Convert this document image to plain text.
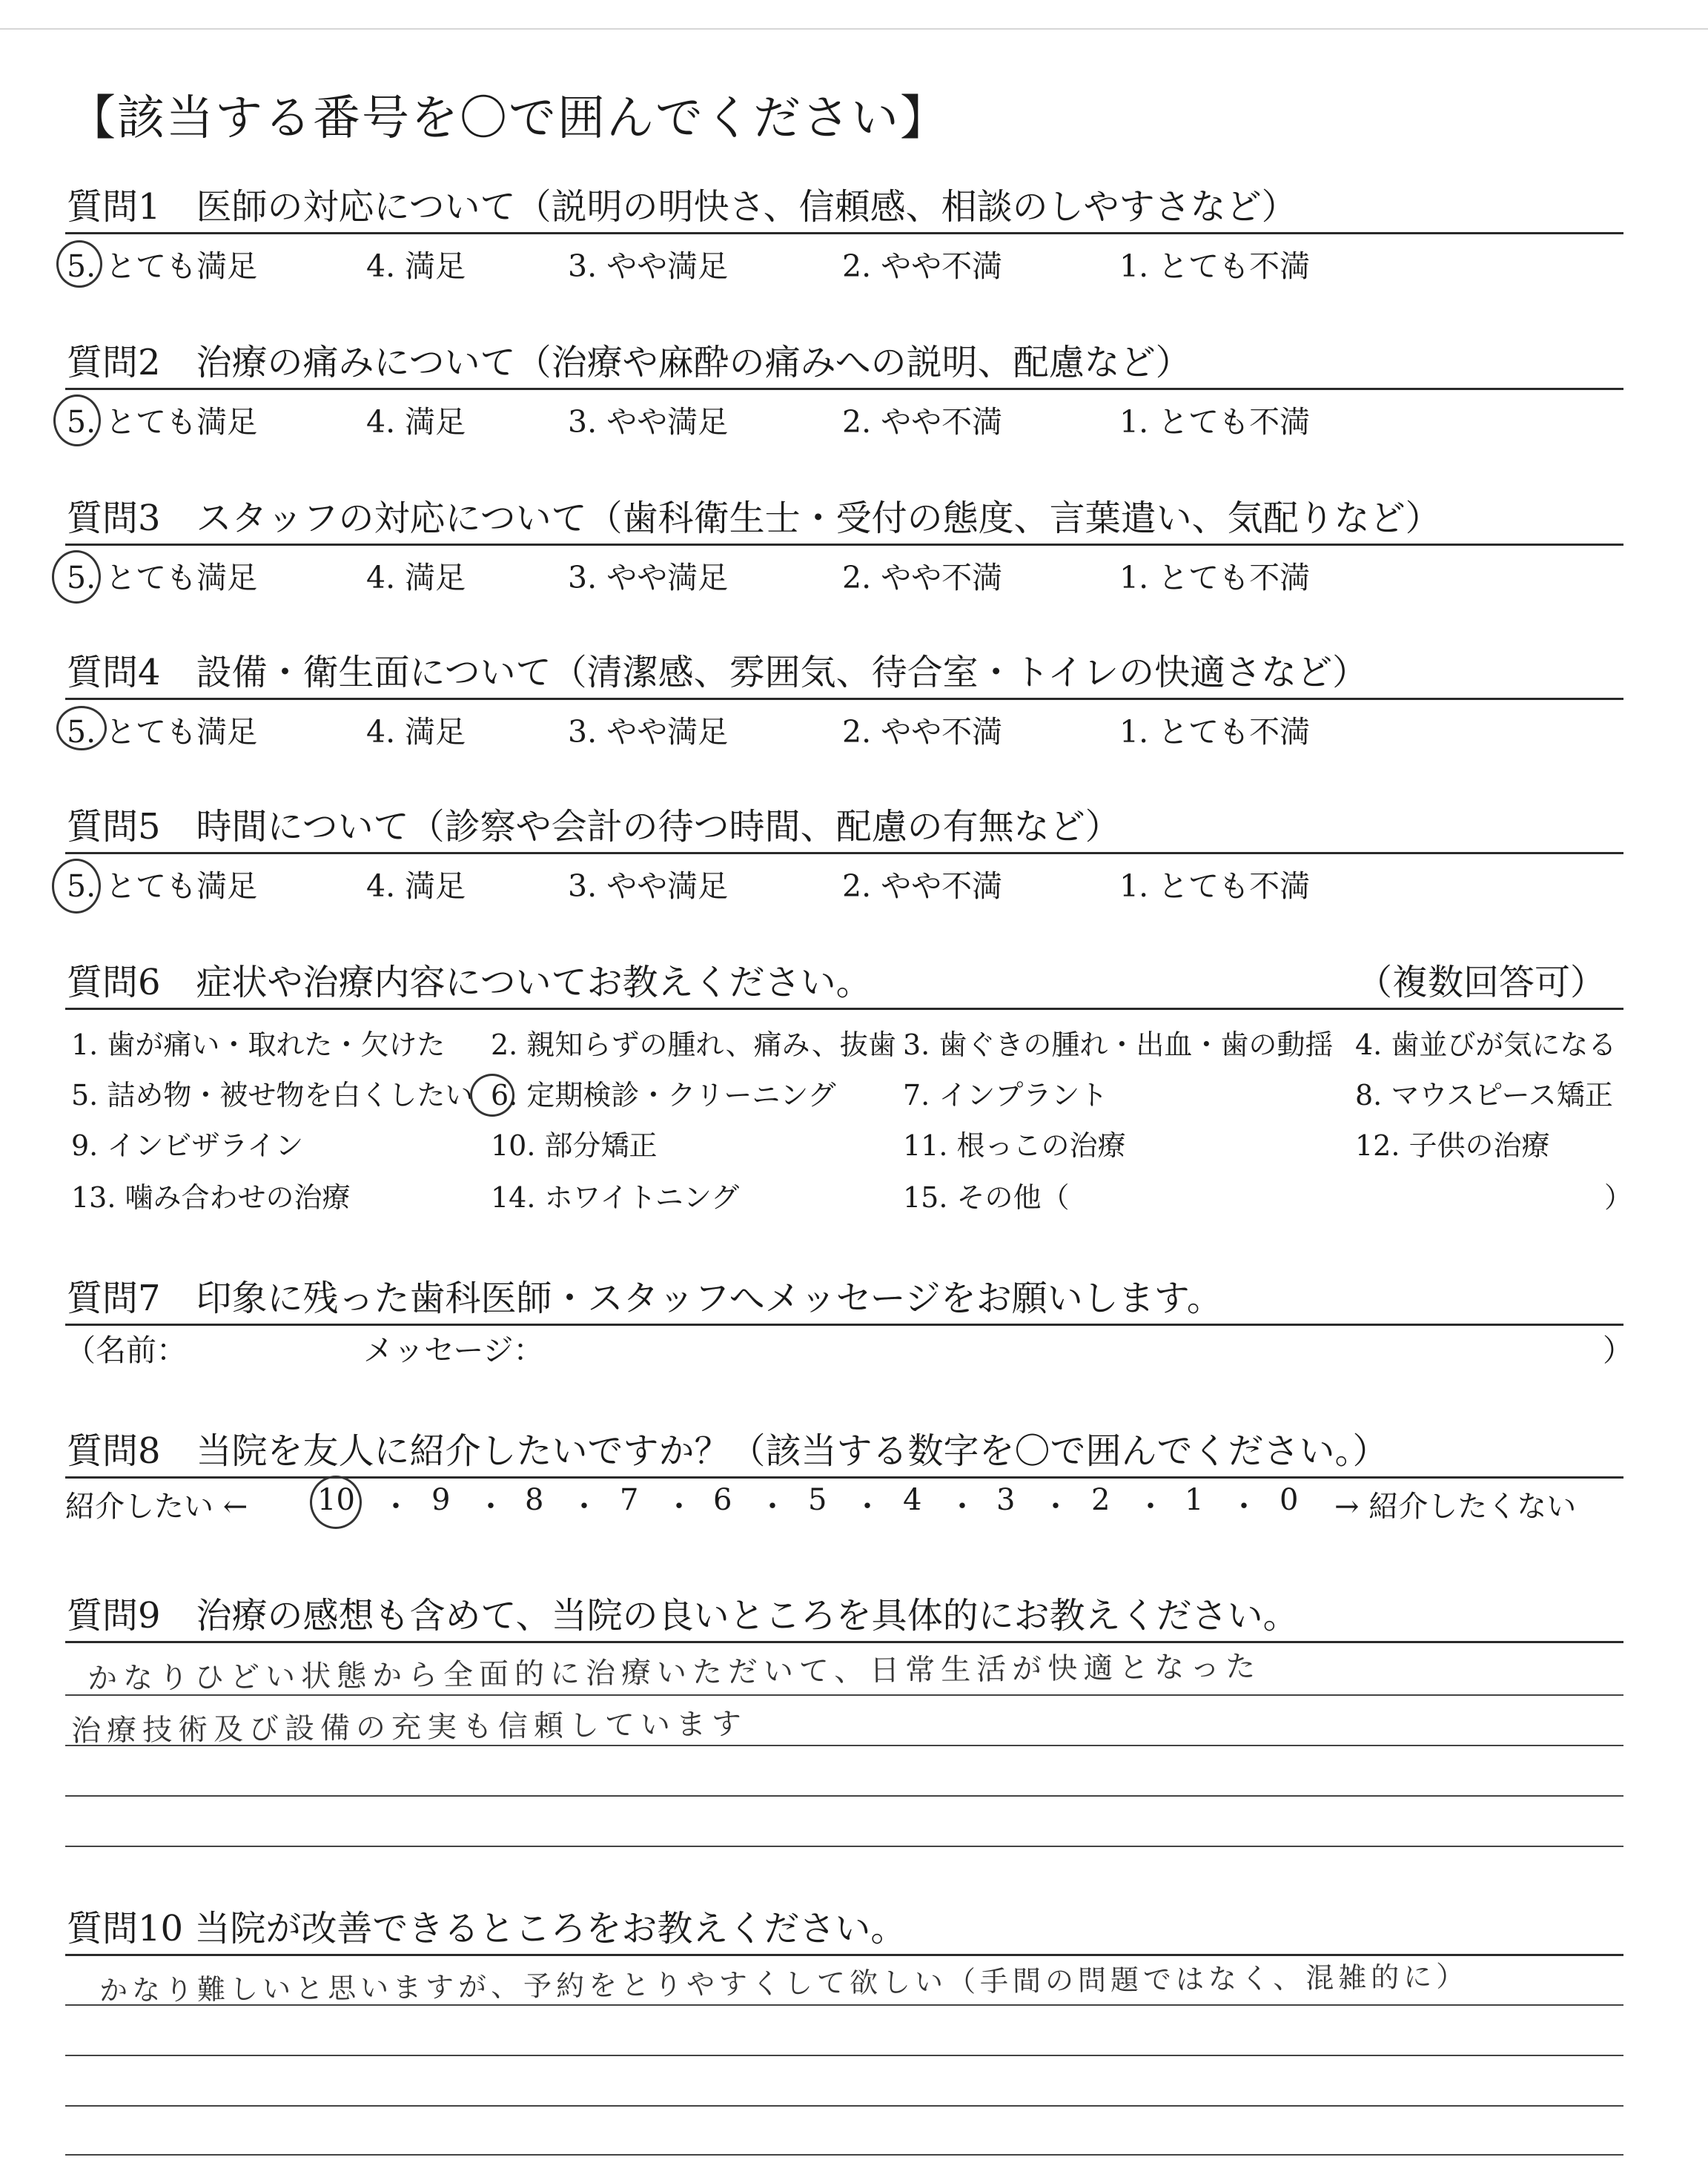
【該当する番号を〇で囲んでください】
質問1　医師の対応について（説明の明快さ、信頼感、相談のしやすさなど）
5. とても満足	4. 満足	3. やや満足	2. やや不満	1. とても不満
質問2　治療の痛みについて（治療や麻酔の痛みへの説明、配慮など）
5. とても満足	4. 満足	3. やや満足	2. やや不満	1. とても不満
質問3　スタッフの対応について（歯科衛生士・受付の態度、言葉遣い、気配りなど）
5. とても満足	4. 満足	3. やや満足	2. やや不満	1. とても不満
質問4　設備・衛生面について（清潔感、雰囲気、待合室・トイレの快適さなど）
5. とても満足	4. 満足	3. やや満足	2. やや不満	1. とても不満
質問5　時間について（診察や会計の待つ時間、配慮の有無など）
5. とても満足	4. 満足	3. やや満足	2. やや不満	1. とても不満
質問6　症状や治療内容についてお教えください。	（複数回答可）
1. 歯が痛い・取れた・欠けた 2. 親知らずの腫れ、痛み、抜歯 3. 歯ぐきの腫れ・出血・歯の動揺 4. 歯並びが気になる
5. 詰め物・被せ物を白くしたい 6. 定期検診・クリーニング 7. インプラント	8. マウスピース矯正
9. インビザライン	10. 部分矯正	11. 根っこの治療	12. 子供の治療
13. 噛み合わせの治療	14. ホワイトニング	15. その他（	）
質問7　印象に残った歯科医師・スタッフへメッセージをお願いします。
（名前：	メッセージ：	）
質問8　当院を友人に紹介したいですか？（該当する数字を〇で囲んでください。）
紹介したい ← 10 ・ 9 ・ 8 ・ 7 ・ 6 ・ 5 ・ 4 ・ 3 ・ 2 ・ 1 ・ 0 → 紹介したくない
質問9　治療の感想も含めて、当院の良いところを具体的にお教えください。
かなりひどい状態から全面的に治療いただいて、日常生活が快適となった
治療技術及び設備の充実も信頼しています
質問10 当院が改善できるところをお教えください。
かなり難しいと思いますが、予約をとりやすくして欲しい（手間の問題ではなく、混雑的に）
